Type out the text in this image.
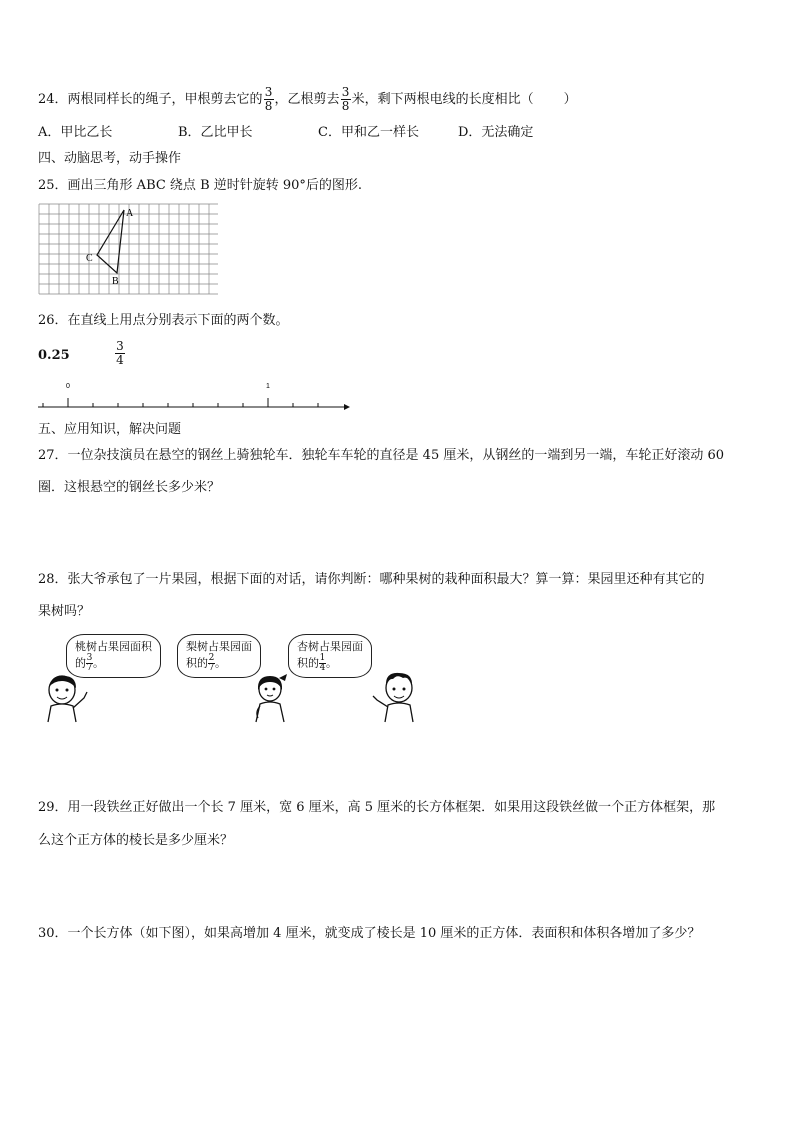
24．两根同样长的绳子，甲根剪去它的 $\frac{3}{8}$ ，乙根剪去 $\frac{3}{8}$ 米，剩下两根电线的长度相比（ ）
A．甲比乙长	B．乙比甲长	C．甲和乙一样长	D．无法确定
四、动脑思考，动手操作
25．画出三角形 ABC 绕点 B 逆时针旋转 90°后的图形.
A
C
B
26．在直线上用点分别表示下面的两个数。
0.25
3
4
0	1
五、应用知识，解决问题
27．一位杂技演员在悬空的钢丝上骑独轮车．独轮车车轮的直径是 45 厘米，从钢丝的一端到另一端，车轮正好滚动 60
圈．这根悬空的钢丝长多少米？
28．张大爷承包了一片果园，根据下面的对话，请你判断：哪种果树的栽种面积最大？算一算：果园里还种有其它的
果树吗？
桃树占果园面积
的 $\frac{3}{7}$ 。
梨树占果园面
积的 $\frac{2}{7}$ 。
杏树占果园面
积的 $\frac{1}{4}$ 。
29．用一段铁丝正好做出一个长 7 厘米，宽 6 厘米，高 5 厘米的长方体框架．如果用这段铁丝做一个正方体框架，那
么这个正方体的棱长是多少厘米？
30．一个长方体（如下图），如果高增加 4 厘米，就变成了棱长是 10 厘米的正方体．表面积和体积各增加了多少？
